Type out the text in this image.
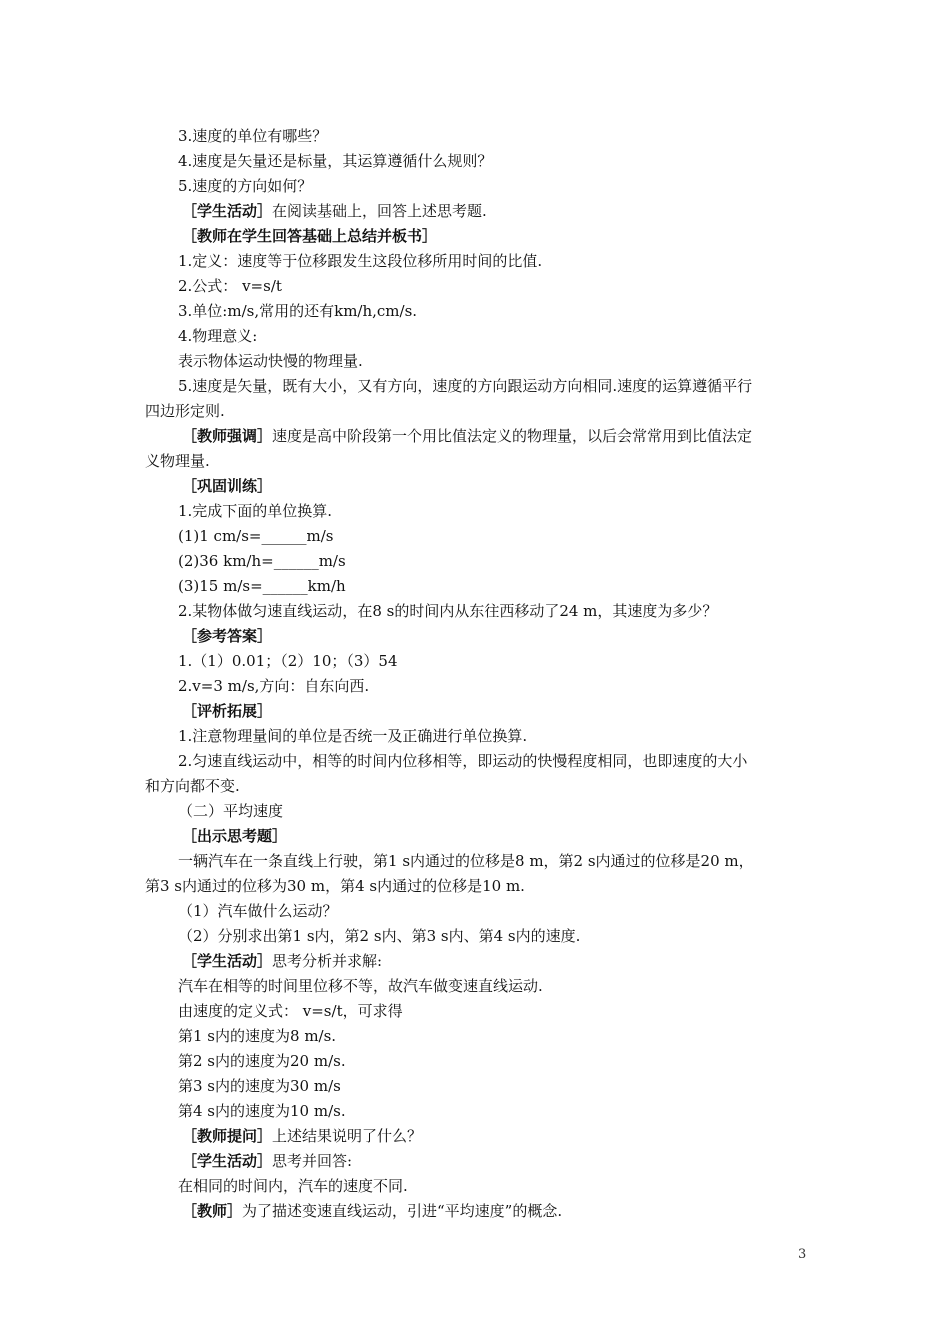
3.速度的单位有哪些？
4.速度是矢量还是标量，其运算遵循什么规则？
5.速度的方向如何？
［学生活动］在阅读基础上，回答上述思考题.
［教师在学生回答基础上总结并板书］
1.定义：速度等于位移跟发生这段位移所用时间的比值.
2.公式： v=s/t
3.单位:m/s,常用的还有km/h,cm/s.
4.物理意义:
表示物体运动快慢的物理量.
5.速度是矢量，既有大小，又有方向，速度的方向跟运动方向相同.速度的运算遵循平行
四边形定则.
［教师强调］速度是高中阶段第一个用比值法定义的物理量，以后会常常用到比值法定
义物理量.
［巩固训练］
1.完成下面的单位换算.
(1)1 cm/s=______m/s
(2)36 km/h=______m/s
(3)15 m/s=______km/h
2.某物体做匀速直线运动，在8 s的时间内从东往西移动了24 m，其速度为多少？
［参考答案］
1.（1）0.01；（2）10；（3）54
2.v=3 m/s,方向：自东向西.
［评析拓展］
1.注意物理量间的单位是否统一及正确进行单位换算.
2.匀速直线运动中，相等的时间内位移相等，即运动的快慢程度相同，也即速度的大小
和方向都不变.
（二）平均速度
［出示思考题］
一辆汽车在一条直线上行驶，第1 s内通过的位移是8 m，第2 s内通过的位移是20 m，
第3 s内通过的位移为30 m，第4 s内通过的位移是10 m.
（1）汽车做什么运动？
（2）分别求出第1 s内，第2 s内、第3 s内、第4 s内的速度.
［学生活动］思考分析并求解:
汽车在相等的时间里位移不等，故汽车做变速直线运动.
由速度的定义式： v=s/t，可求得
第1 s内的速度为8 m/s.
第2 s内的速度为20 m/s.
第3 s内的速度为30 m/s
第4 s内的速度为10 m/s.
［教师提问］上述结果说明了什么？
［学生活动］思考并回答:
在相同的时间内，汽车的速度不同.
［教师］为了描述变速直线运动，引进“平均速度”的概念.
3
